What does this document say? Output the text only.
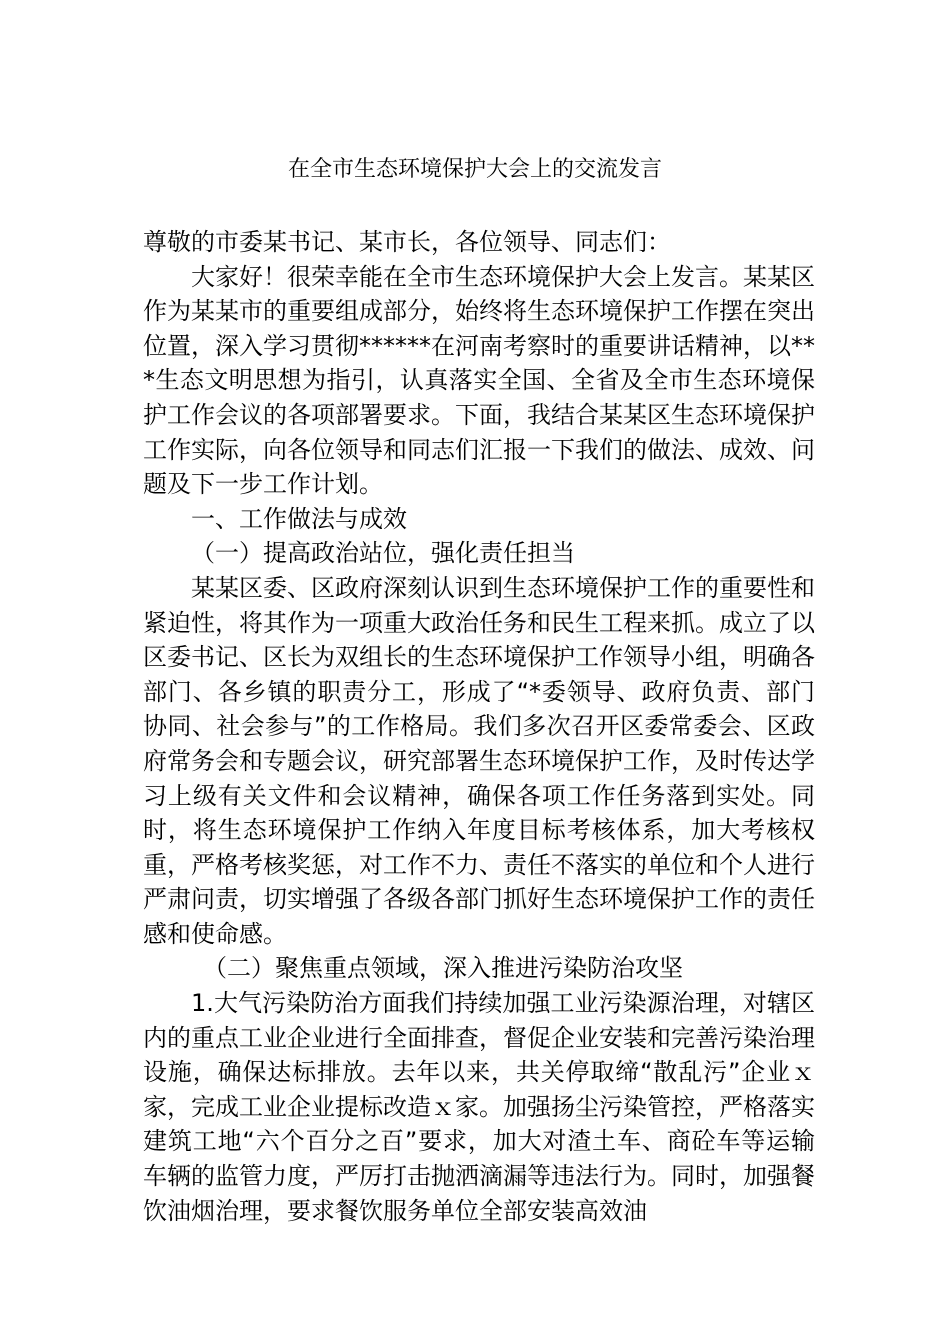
在全市生态环境保护大会上的交流发言

尊敬的市委某书记、某市长，各位领导、同志们：

大家好！很荣幸能在全市生态环境保护大会上发言。某某区作为某某市的重要组成部分，始终将生态环境保护工作摆在突出位置，深入学习贯彻******在河南考察时的重要讲话精神，以***生态文明思想为指引，认真落实全国、全省及全市生态环境保护工作会议的各项部署要求。下面，我结合某某区生态环境保护工作实际，向各位领导和同志们汇报一下我们的做法、成效、问题及下一步工作计划。

一、工作做法与成效

（一）提高政治站位，强化责任担当

某某区委、区政府深刻认识到生态环境保护工作的重要性和紧迫性，将其作为一项重大政治任务和民生工程来抓。成立了以区委书记、区长为双组长的生态环境保护工作领导小组，明确各部门、各乡镇的职责分工，形成了“*委领导、政府负责、部门协同、社会参与”的工作格局。我们多次召开区委常委会、区政府常务会和专题会议，研究部署生态环境保护工作，及时传达学习上级有关文件和会议精神，确保各项工作任务落到实处。同时，将生态环境保护工作纳入年度目标考核体系，加大考核权重，严格考核奖惩，对工作不力、责任不落实的单位和个人进行严肃问责，切实增强了各级各部门抓好生态环境保护工作的责任感和使命感。

（二）聚焦重点领域，深入推进污染防治攻坚

1.大气污染防治方面我们持续加强工业污染源治理，对辖区内的重点工业企业进行全面排查，督促企业安装和完善污染治理设施，确保达标排放。去年以来，共关停取缔“散乱污”企业ｘ家，完成工业企业提标改造ｘ家。加强扬尘污染管控，严格落实建筑工地“六个百分之百”要求，加大对渣土车、商砼车等运输车辆的监管力度，严厉打击抛洒滴漏等违法行为。同时，加强餐饮油烟治理，要求餐饮服务单位全部安装高效油
